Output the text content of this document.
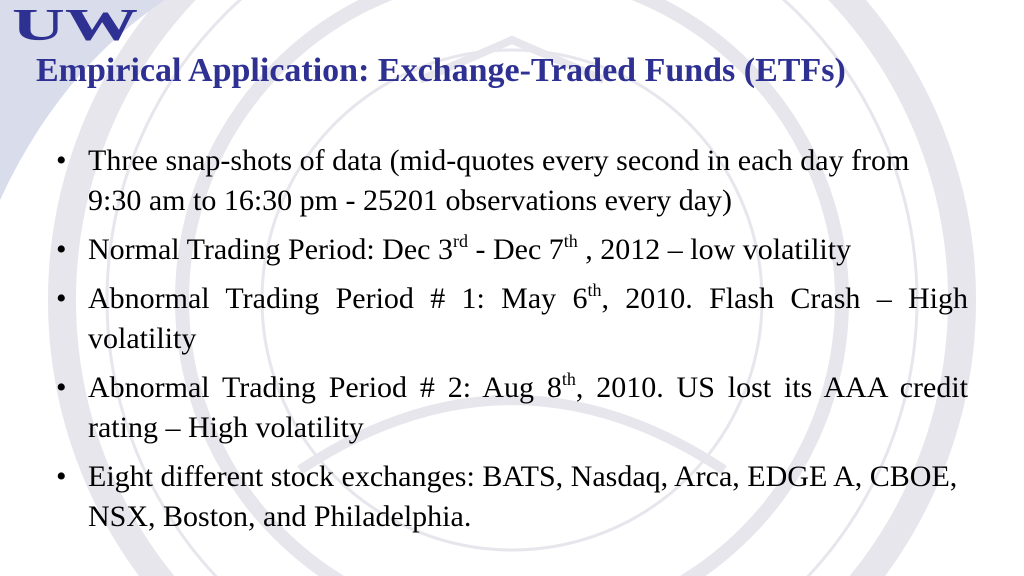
UW
Empirical Application: Exchange-Traded Funds (ETFs)
• Three snap-shots of data (mid-quotes every second in each day from 9:30 am to 16:30 pm - 25201 observations every day)
• Normal Trading Period: Dec 3rd - Dec 7th , 2012 – low volatility
• Abnormal Trading Period # 1: May 6th, 2010. Flash Crash – High volatility
• Abnormal Trading Period # 2: Aug 8th, 2010. US lost its AAA credit rating – High volatility
• Eight different stock exchanges: BATS, Nasdaq, Arca, EDGE A, CBOE, NSX, Boston, and Philadelphia.
